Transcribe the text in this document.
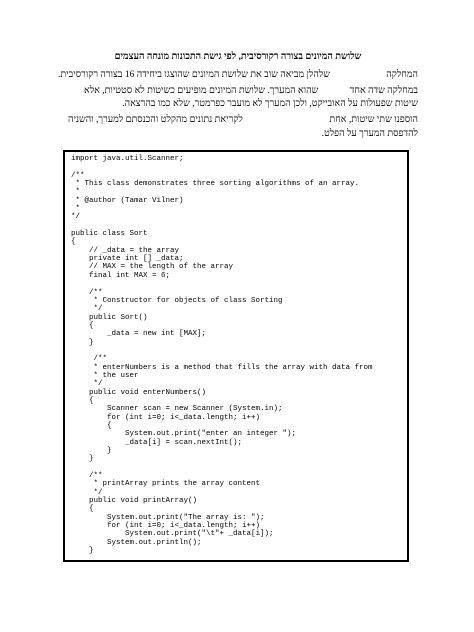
שלושת המיונים בצורה רקורסיבית, לפי גישת התכונות מונחה העצמים
המחלקה
שלהלן מביאה שוב את שלושת המיונים שהוצגו ביחידה 16 בצורה רקורסיבית.
במחלקה שדה אחד
שהוא המערך. שלושת המיונים מופיעים כשיטות לא סטטיות, אלא
שיטות שפעולות על האובייקט, ולכן המערך לא מועבר כפרמטר, שלא כמו בהרצאה.
הוספנו שתי שיטות, אחת
לקריאת נתונים מהקלט והכנסתם למערך, והשניה
להדפסת המערך על הפלט.
import java.util.Scanner;

/**
* This class demonstrates three sorting algorithms of an array.
*
* @author (Tamar Vilner)
*
*/

public class Sort
{
// _data = the array
private int [] _data;
// MAX = the length of the array
final int MAX = 6;

/**
* Constructor for objects of class Sorting
*/
public Sort()
{
_data = new int [MAX];
}

/**
* enterNumbers is a method that fills the array with data from
* the user
*/
public void enterNumbers()
{
Scanner scan = new Scanner (System.in);
for (int i=0; i<_data.length; i++)
{
System.out.print("enter an integer ");
_data[i] = scan.nextInt();
}
}

/**
* printArray prints the array content
*/
public void printArray()
{
System.out.print("The array is: ");
for (int i=0; i<_data.length; i++)
System.out.print("\t"+ _data[i]);
System.out.println();
}
